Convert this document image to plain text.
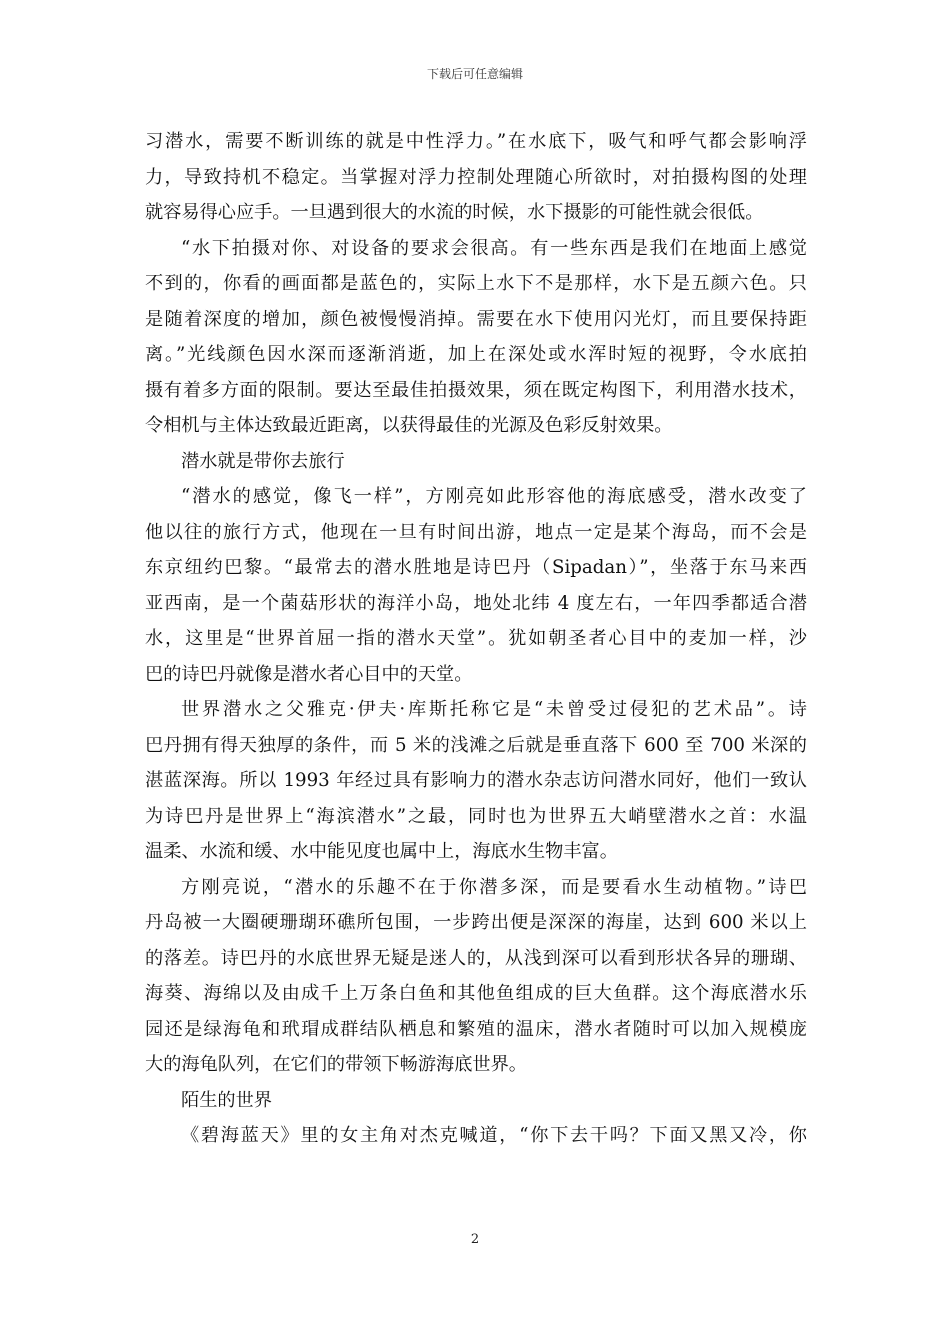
下载后可任意编辑
习潜水，需要不断训练的就是中性浮力。”在水底下，吸气和呼气都会影响浮
力，导致持机不稳定。当掌握对浮力控制处理随心所欲时，对拍摄构图的处理
就容易得心应手。一旦遇到很大的水流的时候，水下摄影的可能性就会很低。
“水下拍摄对你、对设备的要求会很高。有一些东西是我们在地面上感觉
不到的，你看的画面都是蓝色的，实际上水下不是那样，水下是五颜六色。只
是随着深度的增加，颜色被慢慢消掉。需要在水下使用闪光灯，而且要保持距
离。”光线颜色因水深而逐渐消逝，加上在深处或水浑时短的视野，令水底拍
摄有着多方面的限制。要达至最佳拍摄效果，须在既定构图下，利用潜水技术，
令相机与主体达致最近距离，以获得最佳的光源及色彩反射效果。
潜水就是带你去旅行
“潜水的感觉，像飞一样”，方刚亮如此形容他的海底感受，潜水改变了
他以往的旅行方式，他现在一旦有时间出游，地点一定是某个海岛，而不会是
东京纽约巴黎。“最常去的潜水胜地是诗巴丹（Sipadan）”，坐落于东马来西
亚西南，是一个菌菇形状的海洋小岛，地处北纬 4 度左右，一年四季都适合潜
水，这里是“世界首屈一指的潜水天堂”。犹如朝圣者心目中的麦加一样，沙
巴的诗巴丹就像是潜水者心目中的天堂。
世界潜水之父雅克·伊夫·库斯托称它是“未曾受过侵犯的艺术品”。诗
巴丹拥有得天独厚的条件，而 5 米的浅滩之后就是垂直落下 600 至 700 米深的
湛蓝深海。所以 1993 年经过具有影响力的潜水杂志访问潜水同好，他们一致认
为诗巴丹是世界上“海滨潜水”之最，同时也为世界五大峭壁潜水之首：水温
温柔、水流和缓、水中能见度也属中上，海底水生物丰富。
方刚亮说，“潜水的乐趣不在于你潜多深，而是要看水生动植物。”诗巴
丹岛被一大圈硬珊瑚环礁所包围，一步跨出便是深深的海崖，达到 600 米以上
的落差。诗巴丹的水底世界无疑是迷人的，从浅到深可以看到形状各异的珊瑚、
海葵、海绵以及由成千上万条白鱼和其他鱼组成的巨大鱼群。这个海底潜水乐
园还是绿海龟和玳瑁成群结队栖息和繁殖的温床，潜水者随时可以加入规模庞
大的海龟队列，在它们的带领下畅游海底世界。
陌生的世界
《碧海蓝天》里的女主角对杰克喊道，“你下去干吗？下面又黑又冷，你
2
